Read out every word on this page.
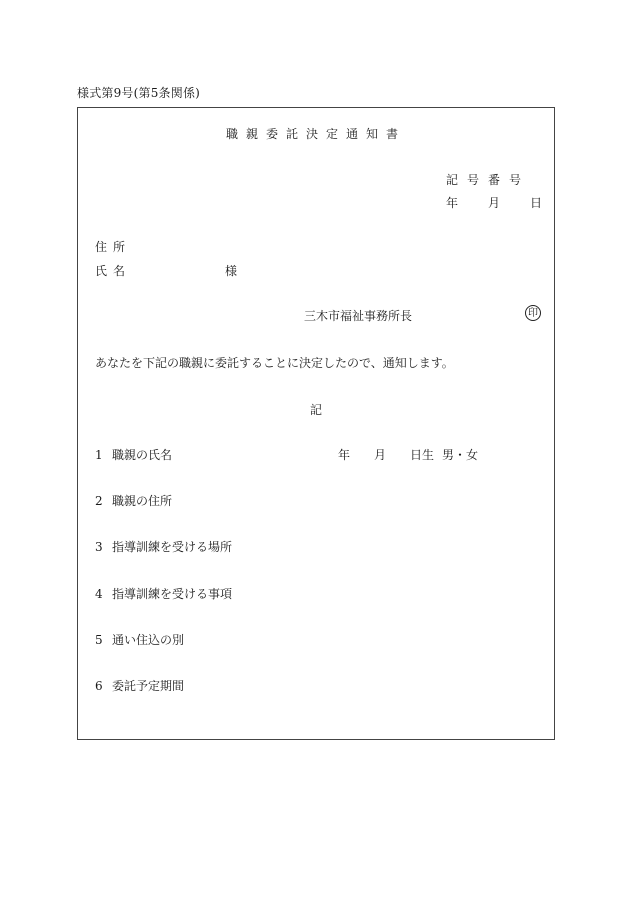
様式第9号(第5条関係)
職親委託決定通知書
記号番号
年	月	日
住所
氏名	様
三木市福祉事務所長	印
あなたを下記の職親に委託することに決定したので、通知します。
記
1 職親の氏名	年 月 日生 男・女
2 職親の住所
3 指導訓練を受ける場所
4 指導訓練を受ける事項
5 通い住込の別
6 委託予定期間
